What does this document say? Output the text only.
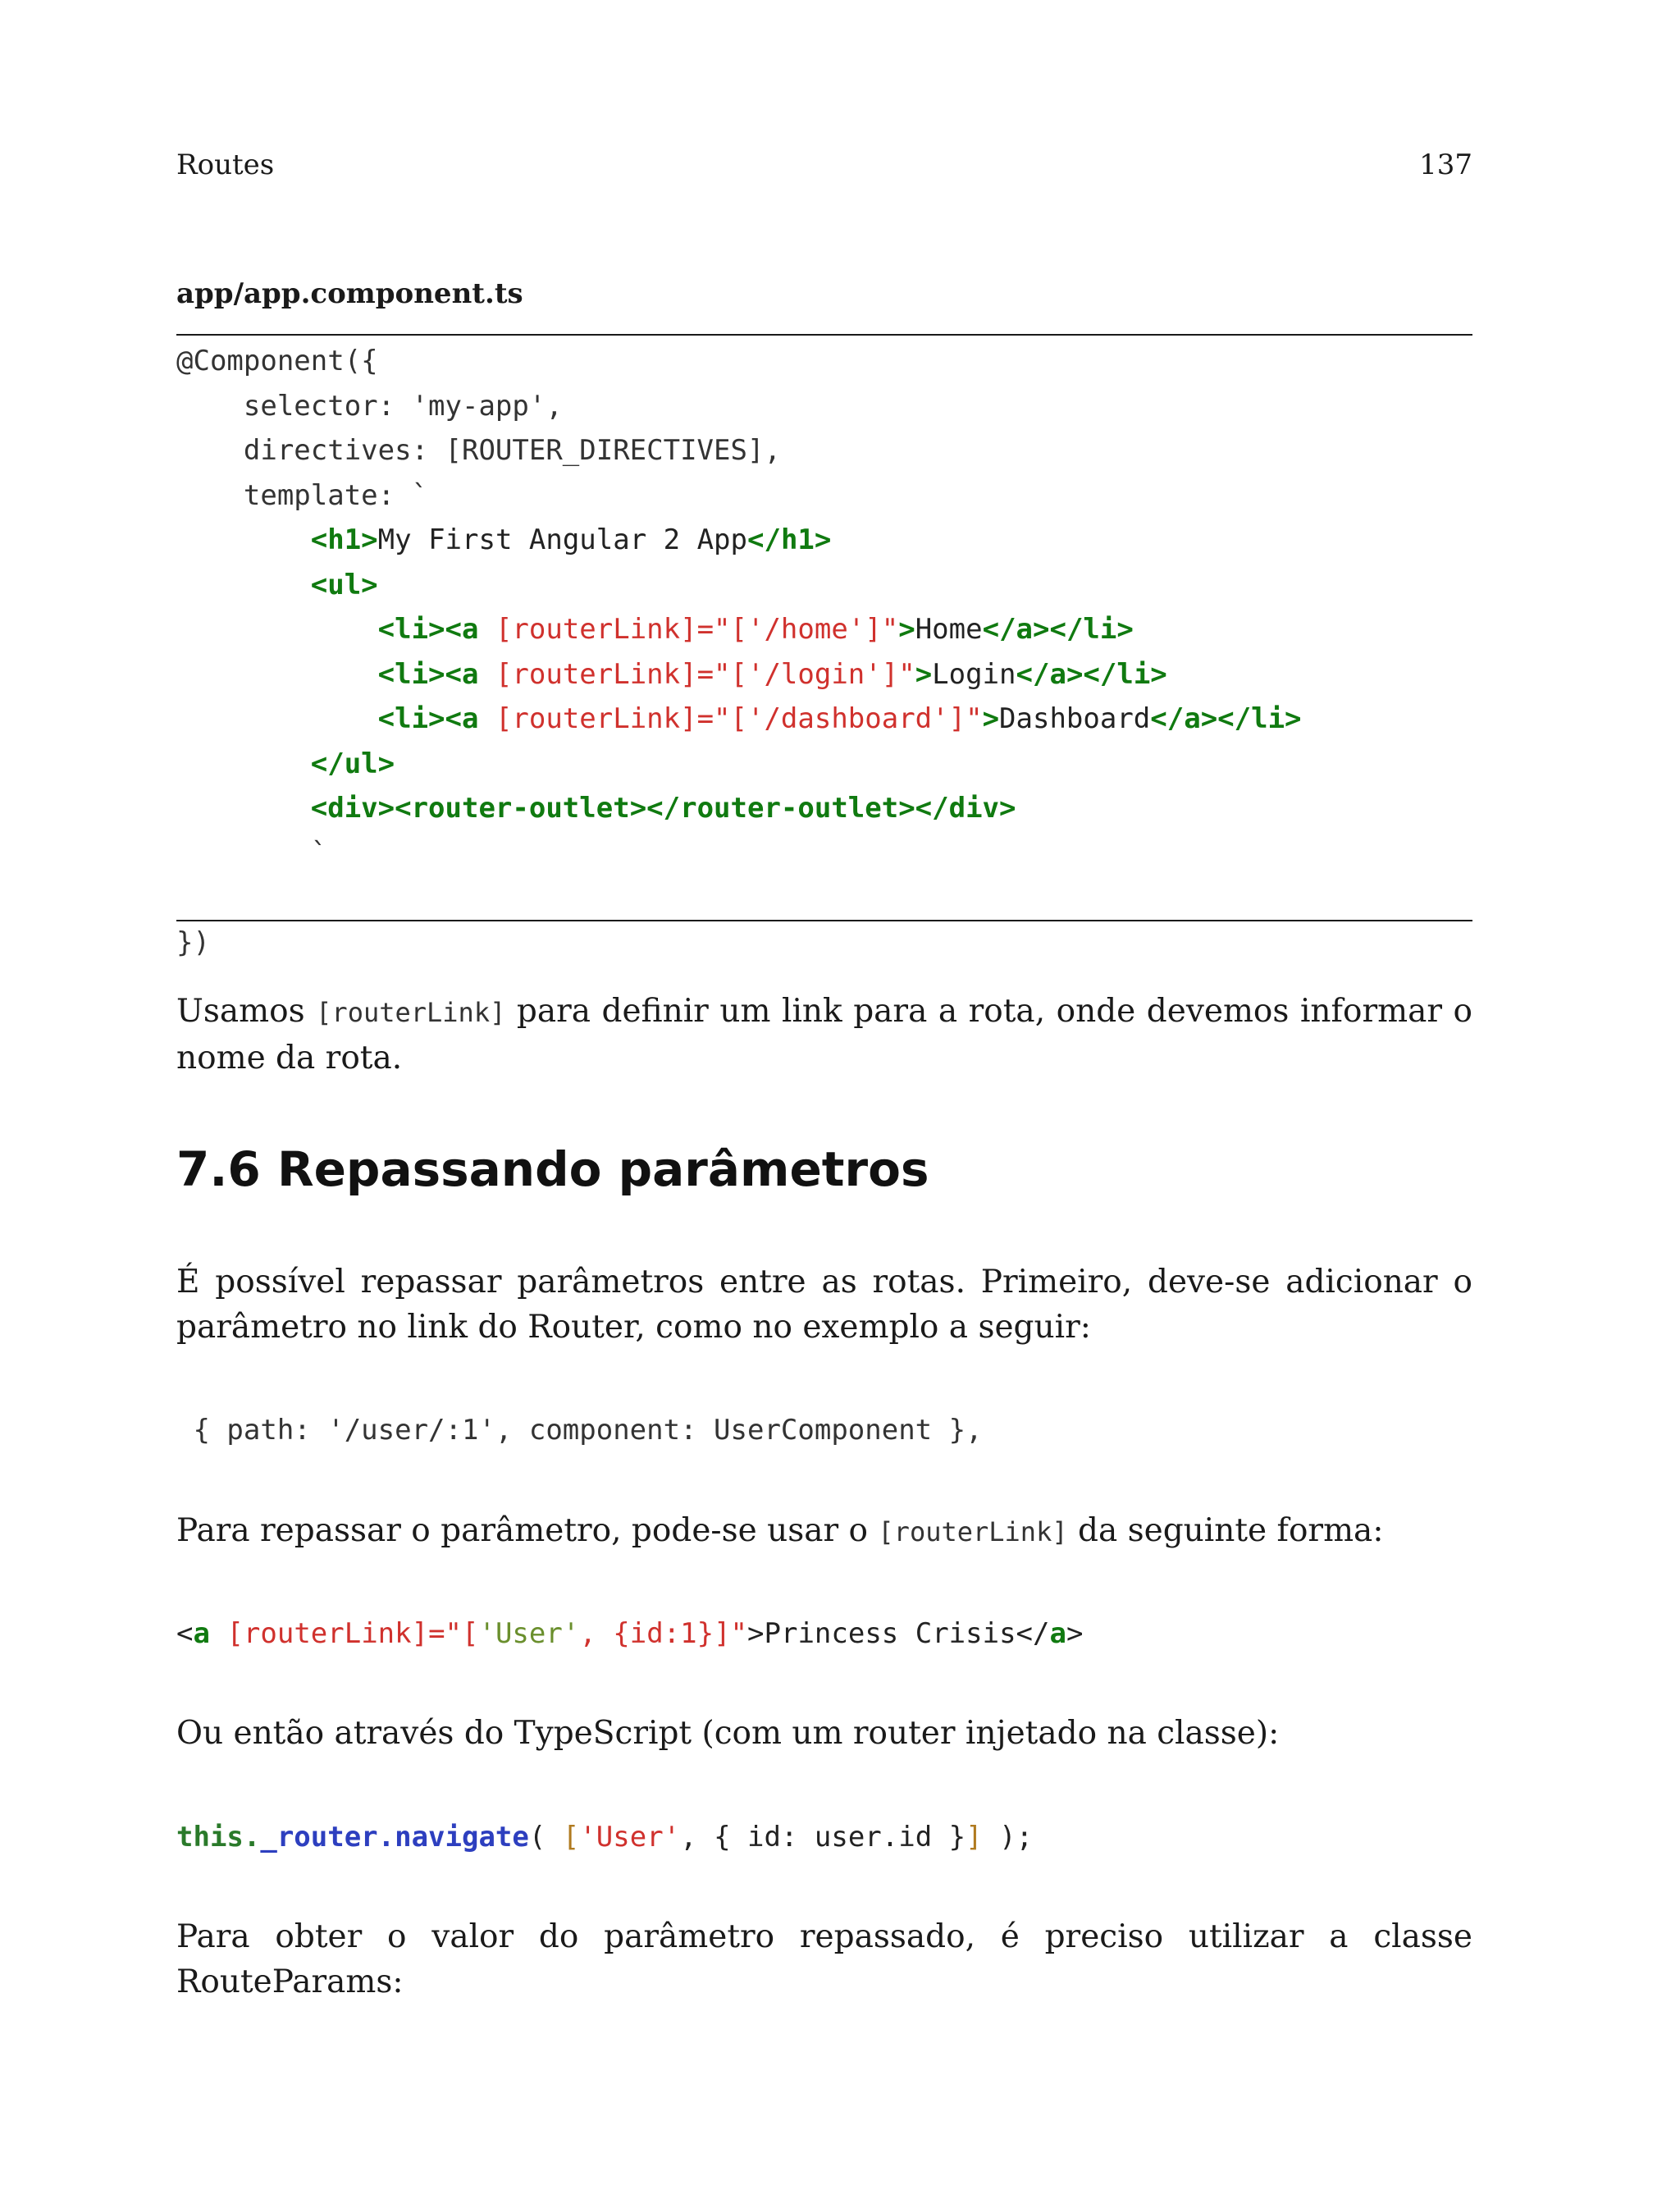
Routes	137
app/app.component.ts
@Component({
selector: 'my-app',
directives: [ROUTER_DIRECTIVES],
template: `
<h1>My First Angular 2 App</h1>
<ul>
<li><a [routerLink]="['/home']">Home</a></li>
<li><a [routerLink]="['/login']">Login</a></li>
<li><a [routerLink]="['/dashboard']">Dashboard</a></li>
</ul>
<div><router-outlet></router-outlet></div>
`

})

Usamos [routerLink] para definir um link para a rota, onde devemos informar o nome da rota.

7.6 Repassando parâmetros

É possível repassar parâmetros entre as rotas. Primeiro, deve-se adicionar o parâmetro no link do Router, como no exemplo a seguir:

{ path: '/user/:1', component: UserComponent },

Para repassar o parâmetro, pode-se usar o [routerLink] da seguinte forma:

<a [routerLink]="['User', {id:1}]">Princess Crisis</a>

Ou então através do TypeScript (com um router injetado na classe):

this._router.navigate( ['User', { id: user.id }] );

Para obter o valor do parâmetro repassado, é preciso utilizar a classe RouteParams:
